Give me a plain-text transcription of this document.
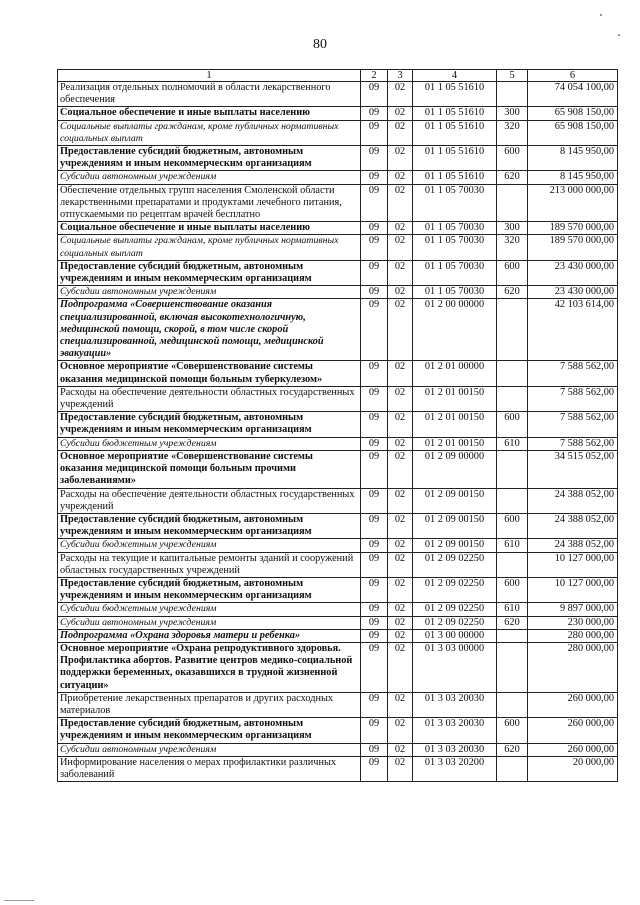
80
1	2	3	4	5	6
Реализация отдельных полномочий в области лекарственного обеспечения	09	02	01 1 05 51610		74 054 100,00
Социальное обеспечение и иные выплаты населению	09	02	01 1 05 51610	300	65 908 150,00
Социальные выплаты гражданам, кроме публичных нормативных социальных выплат	09	02	01 1 05 51610	320	65 908 150,00
Предоставление субсидий бюджетным, автономным учреждениям и иным некоммерческим организациям	09	02	01 1 05 51610	600	8 145 950,00
Субсидии автономным учреждениям	09	02	01 1 05 51610	620	8 145 950,00
Обеспечение отдельных групп населения Смоленской области лекарственными препаратами и продуктами лечебного питания, отпускаемыми по рецептам врачей бесплатно	09	02	01 1 05 70030		213 000 000,00
Социальное обеспечение и иные выплаты населению	09	02	01 1 05 70030	300	189 570 000,00
Социальные выплаты гражданам, кроме публичных нормативных социальных выплат	09	02	01 1 05 70030	320	189 570 000,00
Предоставление субсидий бюджетным, автономным учреждениям и иным некоммерческим организациям	09	02	01 1 05 70030	600	23 430 000,00
Субсидии автономным учреждениям	09	02	01 1 05 70030	620	23 430 000,00
Подпрограмма «Совершенствование оказания специализированной, включая высокотехнологичную, медицинской помощи, скорой, в том числе скорой специализированной, медицинской помощи, медицинской эвакуации»	09	02	01 2 00 00000		42 103 614,00
Основное мероприятие «Совершенствование системы оказания медицинской помощи больным туберкулезом»	09	02	01 2 01 00000		7 588 562,00
Расходы на обеспечение деятельности областных государственных учреждений	09	02	01 2 01 00150		7 588 562,00
Предоставление субсидий бюджетным, автономным учреждениям и иным некоммерческим организациям	09	02	01 2 01 00150	600	7 588 562,00
Субсидии бюджетным учреждениям	09	02	01 2 01 00150	610	7 588 562,00
Основное мероприятие «Совершенствование системы оказания медицинской помощи больным прочими заболеваниями»	09	02	01 2 09 00000		34 515 052,00
Расходы на обеспечение деятельности областных государственных учреждений	09	02	01 2 09 00150		24 388 052,00
Предоставление субсидий бюджетным, автономным учреждениям и иным некоммерческим организациям	09	02	01 2 09 00150	600	24 388 052,00
Субсидии бюджетным учреждениям	09	02	01 2 09 00150	610	24 388 052,00
Расходы на текущие и капитальные ремонты зданий и сооружений областных государственных учреждений	09	02	01 2 09 02250		10 127 000,00
Предоставление субсидий бюджетным, автономным учреждениям и иным некоммерческим организациям	09	02	01 2 09 02250	600	10 127 000,00
Субсидии бюджетным учреждениям	09	02	01 2 09 02250	610	9 897 000,00
Субсидии автономным учреждениям	09	02	01 2 09 02250	620	230 000,00
Подпрограмма «Охрана здоровья матери и ребенка»	09	02	01 3 00 00000		280 000,00
Основное мероприятие «Охрана репродуктивного здоровья. Профилактика абортов. Развитие центров медико-социальной поддержки беременных, оказавшихся в трудной жизненной ситуации»	09	02	01 3 03 00000		280 000,00
Приобретение лекарственных препаратов и других расходных материалов	09	02	01 3 03 20030		260 000,00
Предоставление субсидий бюджетным, автономным учреждениям и иным некоммерческим организациям	09	02	01 3 03 20030	600	260 000,00
Субсидии автономным учреждениям	09	02	01 3 03 20030	620	260 000,00
Информирование населения о мерах профилактики различных заболеваний	09	02	01 3 03 20200		20 000,00
